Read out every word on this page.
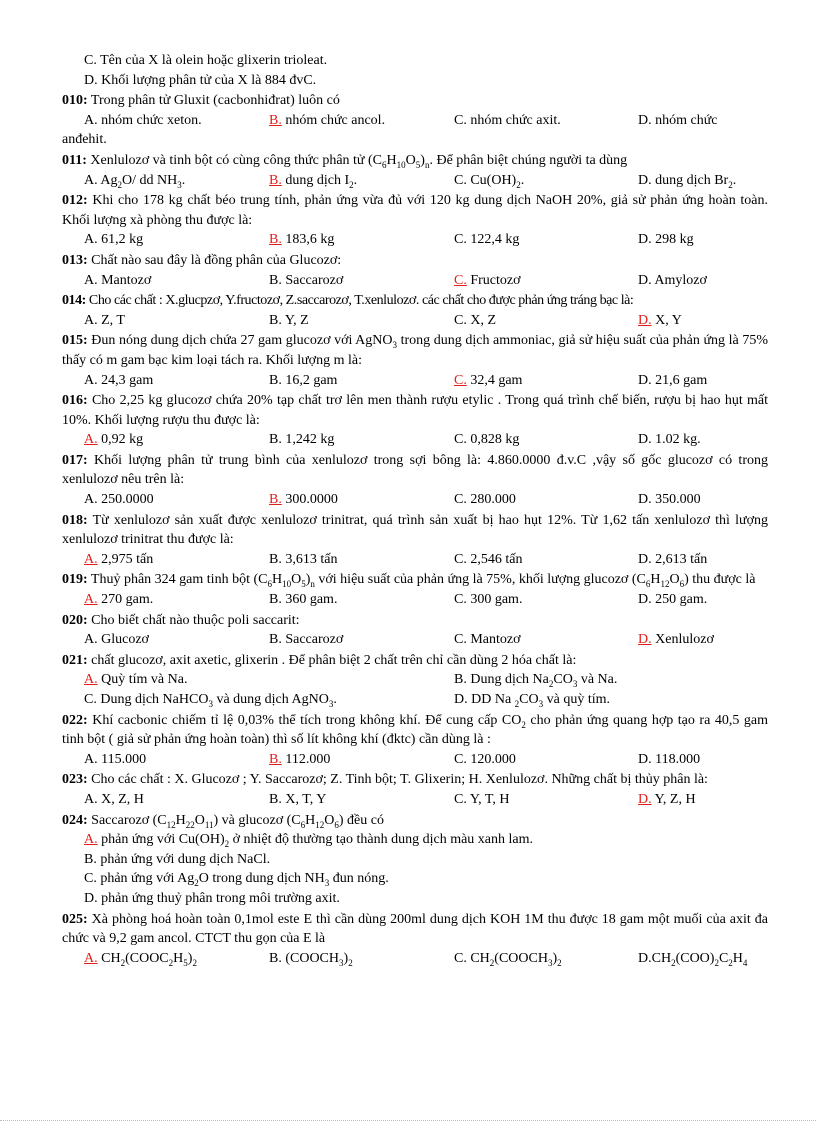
C. Tên của X là olein hoặc glixerin trioleat.
D. Khối lượng phân tử của X là 884 đvC.
010: Trong phân tử Gluxit (cacbonhiđrat) luôn có
A. nhóm chức xeton.	B. nhóm chức ancol.	C. nhóm chức axit.	D. nhóm chức
anđehit.
011: Xenlulozơ và tinh bột có cùng công thức phân tử $(C_6H_{10}O_5)_n$. Để phân biệt chúng người ta dùng
A. $Ag_2O/$ dd $NH_3$.	B. dung dịch $I_2$.	C. $Cu(OH)_2$.	D. dung dịch $Br_2$.
012: Khi cho 178 kg chất béo trung tính, phản ứng vừa đủ với 120 kg dung dịch NaOH 20%, giả sử phản ứng hoàn toàn. Khối lượng xà phòng thu được là:
A. 61,2 kg	B. 183,6 kg	C. 122,4 kg	D. 298 kg
013: Chất nào sau đây là đồng phân của Glucozơ:
A. Mantozơ	B. Saccarozơ	C. Fructozơ	D. Amylozơ
014: Cho các chất : X.glucpzơ, Y.fructozơ, Z.saccarozơ, T.xenlulozơ. các chất cho được phản ứng tráng bạc là:
A. Z, T	B. Y, Z	C. X, Z	D. X, Y
015: Đun nóng dung dịch chứa 27 gam glucozơ với AgNO$_3$ trong dung dịch ammoniac, giả sử hiệu suất của phản ứng là 75% thấy có m gam bạc kim loại tách ra. Khối lượng m là:
A. 24,3 gam	B. 16,2 gam	C. 32,4 gam	D. 21,6 gam
016: Cho 2,25 kg glucozơ chứa 20% tạp chất trơ lên men thành rượu etylic . Trong quá trình chế biến, rượu bị hao hụt mất 10%. Khối lượng rượu thu được là:
A. 0,92 kg	B. 1,242 kg	C. 0,828 kg	D. 1.02 kg.
017: Khối lượng phân tử trung bình của xenlulozơ trong sợi bông là: 4.860.0000 đ.v.C ,vậy số gốc glucozơ có trong xenlulozơ nêu trên là:
A. 250.0000	B. 300.0000	C. 280.000	D. 350.000
018: Từ xenlulozơ sản xuất được xenlulozơ trinitrat, quá trình sản xuất bị hao hụt 12%. Từ 1,62 tấn xenlulozơ thì lượng xenlulozơ trinitrat thu được là:
A. 2,975 tấn	B. 3,613 tấn	C. 2,546 tấn	D. 2,613 tấn
019: Thuỷ phân 324 gam tinh bột $(C_6H_{10}O_5)_n$ với hiệu suất của phản ứng là 75%, khối lượng glucozơ $(C_6H_{12}O_6)$ thu được là
A. 270 gam.	B. 360 gam.	C. 300 gam.	D. 250 gam.
020: Cho biết chất nào thuộc poli saccarit:
A. Glucozơ	B. Saccarozơ	C. Mantozơ	D. Xenlulozơ
021: chất glucozơ, axit axetic, glixerin . Để phân biệt 2 chất trên chỉ cần dùng 2 hóa chất là:
A. Quỳ tím và Na.	B. Dung dịch $Na_2CO_3$ và Na.
C. Dung dịch NaHCO$_3$ và dung dịch AgNO$_3$.	D. DD Na $_2CO_3$ và quỳ tím.
022: Khí cacbonic chiếm tỉ lệ 0,03% thể tích trong không khí. Để cung cấp $CO_2$ cho phản ứng quang hợp tạo ra 40,5 gam tinh bột ( giả sử phản ứng hoàn toàn) thì số lít không khí (đktc) cần dùng là :
A. 115.000	B. 112.000	C. 120.000	D. 118.000
023: Cho các chất : X. Glucozơ ; Y. Saccarozơ; Z. Tinh bột; T. Glixerin; H. Xenlulozơ. Những chất bị thủy phân là:
A. X, Z, H	B. X, T, Y	C. Y, T, H	D. Y, Z, H
024: Saccarozơ $(C_{12}H_{22}O_{11})$ và glucozơ $(C_6H_{12}O_6)$ đều có
A. phản ứng với $Cu(OH)_2$ ở nhiệt độ thường tạo thành dung dịch màu xanh lam.
B. phản ứng với dung dịch NaCl.
C. phản ứng với $Ag_2O$ trong dung dịch $NH_3$ đun nóng.
D. phản ứng thuỷ phân trong môi trường axit.
025: Xà phòng hoá hoàn toàn 0,1mol este E thì cần dùng 200ml dung dịch KOH 1M thu được 18 gam một muối của axit đa chức và 9,2 gam ancol. CTCT thu gọn của E là
A. $CH_2(COOC_2H_5)_2$	B. $(COOCH_3)_2$	C. $CH_2(COOCH_3)_2$	$D.CH_2(COO)_2C_2H_4$
